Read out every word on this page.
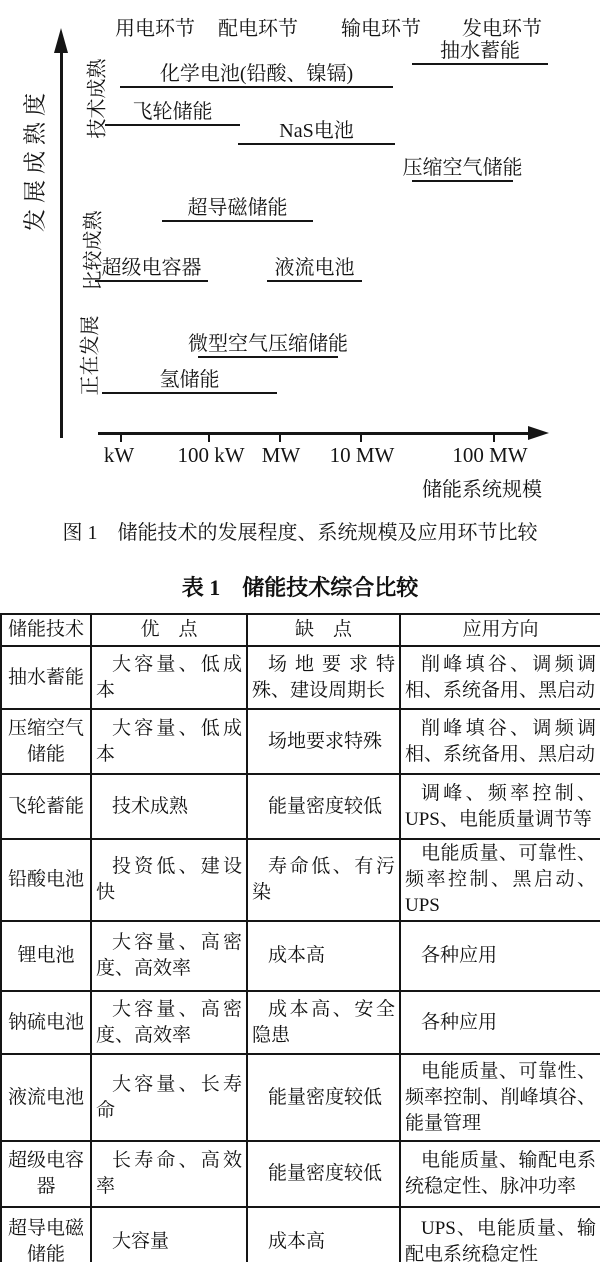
用电环节 配电环节 输电环节 发电环节
发展成熟度	技术成熟
比较成熟
正在发展
抽水蓄能
化学电池(铅酸、镍镉)
飞轮储能
NaS电池
压缩空气储能
超导磁储能
超级电容器	液流电池
微型空气压缩储能
氢储能
kW	100 kW MW	10 MW	100 MW
储能系统规模
图 1　储能技术的发展程度、系统规模及应用环节比较
表 1　储能技术综合比较
储能技术	优　点	缺　点	应用方向
抽水蓄能	大容量、低成本	场地要求特殊、建设周期长	削峰填谷、调频调相、系统备用、黑启动
压缩空气储能	大容量、低成本	场地要求特殊	削峰填谷、调频调相、系统备用、黑启动
飞轮蓄能	技术成熟	能量密度较低	调峰、频率控制、UPS、电能质量调节等
铅酸电池	投资低、建设快	寿命低、有污染	电能质量、可靠性、频率控制、黑启动、UPS
锂电池	大容量、高密度、高效率	成本高	各种应用
钠硫电池	大容量、高密度、高效率	成本高、安全隐患	各种应用
液流电池	大容量、长寿命	能量密度较低	电能质量、可靠性、频率控制、削峰填谷、能量管理
超级电容器	长寿命、高效率	能量密度较低	电能质量、输配电系统稳定性、脉冲功率
超导电磁储能	大容量	成本高	UPS、电能质量、输配电系统稳定性
